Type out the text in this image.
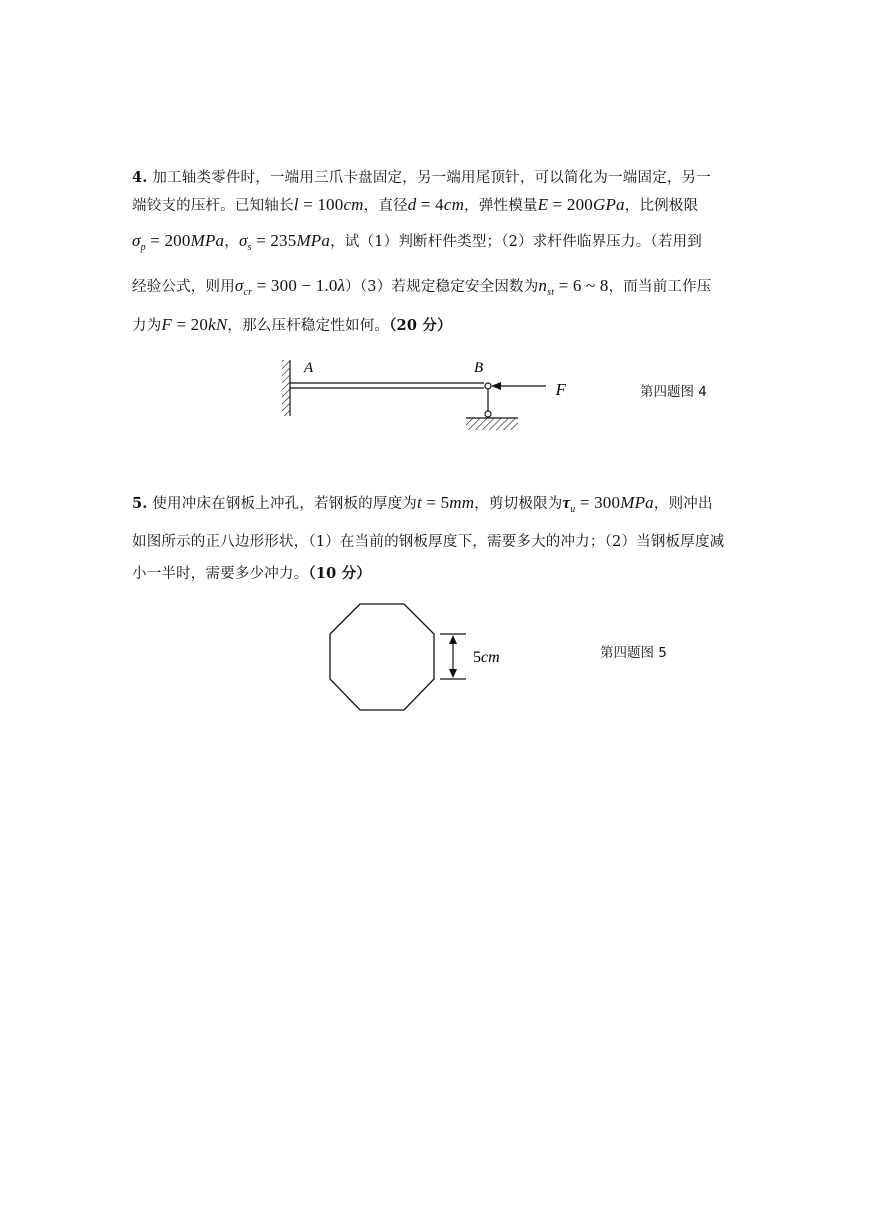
4. 加工轴类零件时，一端用三爪卡盘固定，另一端用尾顶针，可以简化为一端固定，另一
端铰支的压杆。已知轴长l = 100cm，直径d = 4cm，弹性模量E = 200GPa，比例极限
$\sigma_p = 200MPa$，$\sigma_s = 235MPa$，试（1）判断杆件类型；（2）求杆件临界压力。（若用到
经验公式，则用$\sigma_{cr} = 300 - 1.0\lambda)(3)$若规定稳定安全因数为$n_{st} = 6$ ~ 8，而当前工作压
力为F = 20kN，那么压杆稳定性如何。（20 分）
A	B
F	第四题图 4
5. 使用冲床在钢板上冲孔，若钢板的厚度为t = 5mm，剪切极限为$\tau_u = 300MPa$，则冲出
如图所示的正八边形形状，（1）在当前的钢板厚度下，需要多大的冲力；（2）当钢板厚度减
小一半时，需要多少冲力。（10 分）
5cm	第四题图 5
